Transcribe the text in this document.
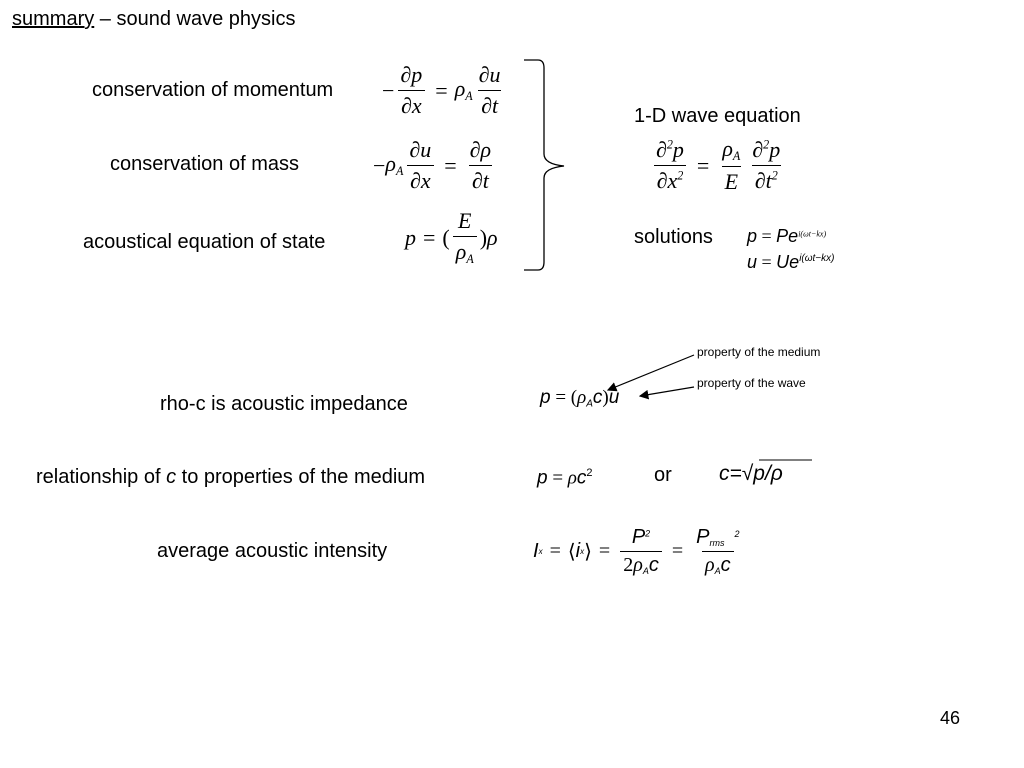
summary – sound wave physics
conservation of momentum
conservation of mass
acoustical equation of state
1-D wave equation
solutions
rho-c is acoustic impedance
relationship of c to properties of the medium	or
average acoustic intensity
− $\frac{\partial p}{\partial x} = \rho_A \frac{\partial u}{\partial t}$
− $\rho_A \frac{\partial u}{\partial x} = \frac{\partial\rho}{\partial t}$
p = ( $\frac{E}{\rho_A}$ ) ρ
$\frac{\partial^2p}{\partial x^2} = \frac{\rho_A}{E} \frac{\partial^2p}{\partial t^2}$
$p = Pe^{i(\omega t-kx)}$
$u = Ue^{i(\omega t-kx)}$
property of the medium
property of the wave
$p = (\rho_Ac)u$
$p = \rho c^2$	c=√p/ρ
I x = ⟨ i x ⟩ = $\frac{P^2}{2\rho_Ac} = \frac{P_{rms}^2}{\rho_Ac}$
46
